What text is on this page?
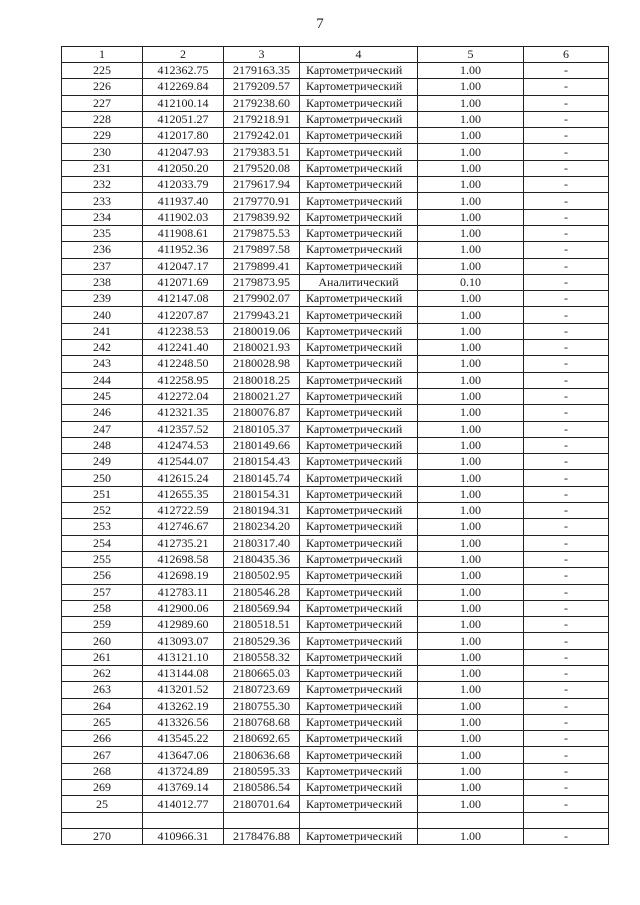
7
1	2	3	4	5	6
225	412362.75	2179163.35	Картометрический	1.00	-
226	412269.84	2179209.57	Картометрический	1.00	-
227	412100.14	2179238.60	Картометрический	1.00	-
228	412051.27	2179218.91	Картометрический	1.00	-
229	412017.80	2179242.01	Картометрический	1.00	-
230	412047.93	2179383.51	Картометрический	1.00	-
231	412050.20	2179520.08	Картометрический	1.00	-
232	412033.79	2179617.94	Картометрический	1.00	-
233	411937.40	2179770.91	Картометрический	1.00	-
234	411902.03	2179839.92	Картометрический	1.00	-
235	411908.61	2179875.53	Картометрический	1.00	-
236	411952.36	2179897.58	Картометрический	1.00	-
237	412047.17	2179899.41	Картометрический	1.00	-
238	412071.69	2179873.95	Аналитический	0.10	-
239	412147.08	2179902.07	Картометрический	1.00	-
240	412207.87	2179943.21	Картометрический	1.00	-
241	412238.53	2180019.06	Картометрический	1.00	-
242	412241.40	2180021.93	Картометрический	1.00	-
243	412248.50	2180028.98	Картометрический	1.00	-
244	412258.95	2180018.25	Картометрический	1.00	-
245	412272.04	2180021.27	Картометрический	1.00	-
246	412321.35	2180076.87	Картометрический	1.00	-
247	412357.52	2180105.37	Картометрический	1.00	-
248	412474.53	2180149.66	Картометрический	1.00	-
249	412544.07	2180154.43	Картометрический	1.00	-
250	412615.24	2180145.74	Картометрический	1.00	-
251	412655.35	2180154.31	Картометрический	1.00	-
252	412722.59	2180194.31	Картометрический	1.00	-
253	412746.67	2180234.20	Картометрический	1.00	-
254	412735.21	2180317.40	Картометрический	1.00	-
255	412698.58	2180435.36	Картометрический	1.00	-
256	412698.19	2180502.95	Картометрический	1.00	-
257	412783.11	2180546.28	Картометрический	1.00	-
258	412900.06	2180569.94	Картометрический	1.00	-
259	412989.60	2180518.51	Картометрический	1.00	-
260	413093.07	2180529.36	Картометрический	1.00	-
261	413121.10	2180558.32	Картометрический	1.00	-
262	413144.08	2180665.03	Картометрический	1.00	-
263	413201.52	2180723.69	Картометрический	1.00	-
264	413262.19	2180755.30	Картометрический	1.00	-
265	413326.56	2180768.68	Картометрический	1.00	-
266	413545.22	2180692.65	Картометрический	1.00	-
267	413647.06	2180636.68	Картометрический	1.00	-
268	413724.89	2180595.33	Картометрический	1.00	-
269	413769.14	2180586.54	Картометрический	1.00	-
25	414012.77	2180701.64	Картометрический	1.00	-

270	410966.31	2178476.88	Картометрический	1.00	-
